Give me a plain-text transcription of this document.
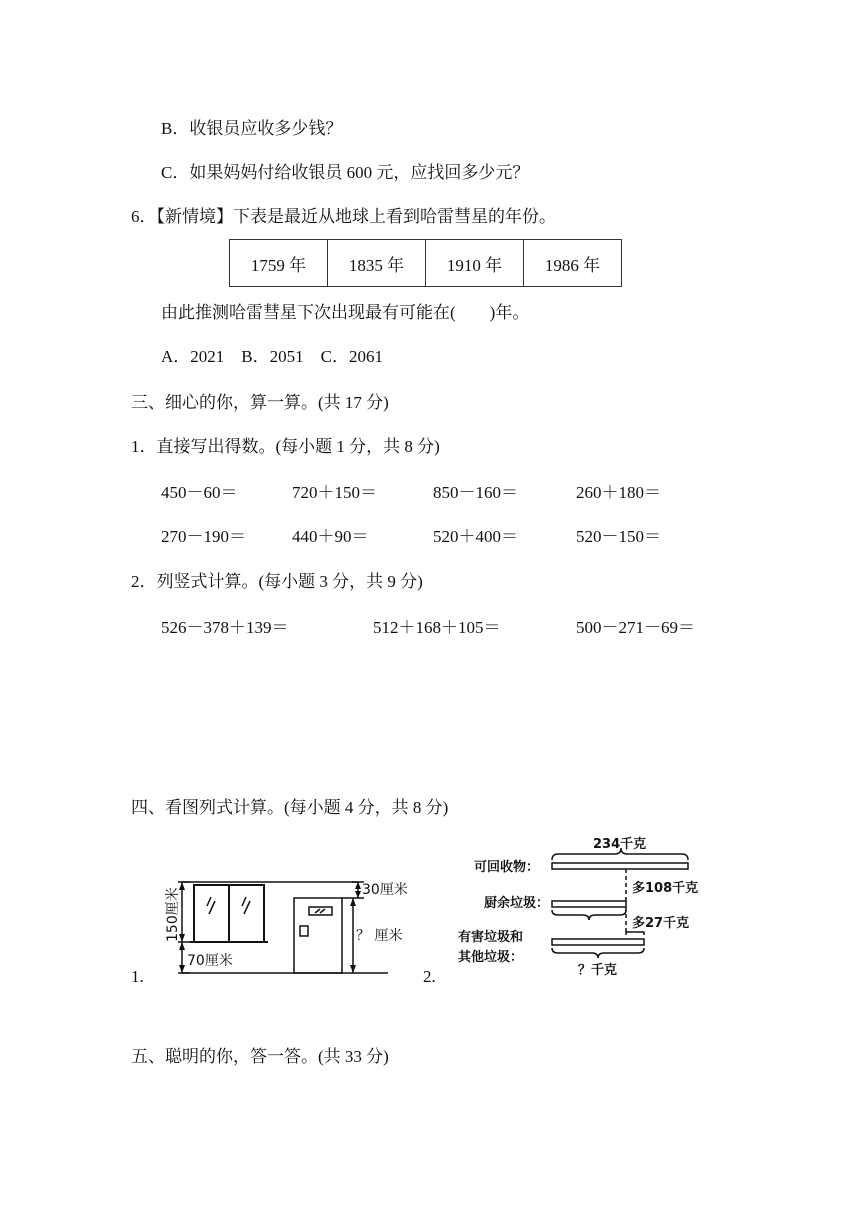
B．收银员应收多少钱？
C．如果妈妈付给收银员 600 元，应找回多少元？
6．【新情境】下表是最近从地球上看到哈雷彗星的年份。
1759 年	1835 年	1910 年	1986 年
由此推测哈雷彗星下次出现最有可能在(　　)年。
A．2021　B．2051　C．2061
三、细心的你，算一算。(共 17 分)
1．直接写出得数。(每小题 1 分，共 8 分)
450－60＝	720＋150＝	850－160＝	260＋180＝
270－190＝	440＋90＝	520＋400＝	520－150＝
2．列竖式计算。(每小题 3 分，共 9 分)
526－378＋139＝	512＋168＋105＝	500－271－69＝
四、看图列式计算。(每小题 4 分，共 8 分)
1.	2.
150厘米	30厘米
？ 厘米
70厘米
234千克
可回收物：
多108千克
厨余垃圾：
多27千克
有害垃圾和
其他垃圾：
？千克
五、聪明的你，答一答。(共 33 分)
